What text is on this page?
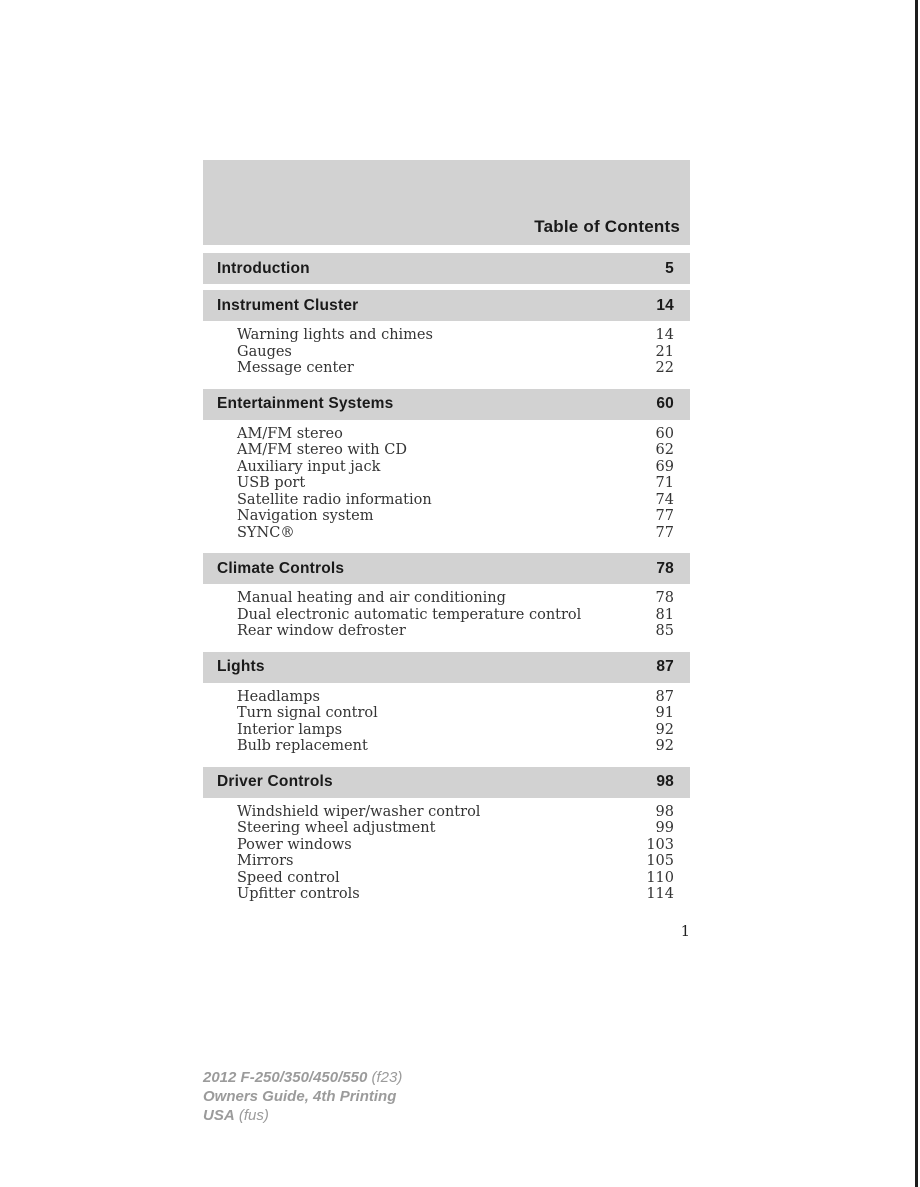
Table of Contents
Introduction	5
Instrument Cluster	14
Warning lights and chimes	14
Gauges	21
Message center	22
Entertainment Systems	60
AM/FM stereo	60
AM/FM stereo with CD	62
Auxiliary input jack	69
USB port	71
Satellite radio information	74
Navigation system	77
SYNC®	77
Climate Controls	78
Manual heating and air conditioning	78
Dual electronic automatic temperature control	81
Rear window defroster	85
Lights	87
Headlamps	87
Turn signal control	91
Interior lamps	92
Bulb replacement	92
Driver Controls	98
Windshield wiper/washer control	98
Steering wheel adjustment	99
Power windows	103
Mirrors	105
Speed control	110
Upfitter controls	114
1
2012 F-250/350/450/550 (f23)
Owners Guide, 4th Printing
USA (fus)
